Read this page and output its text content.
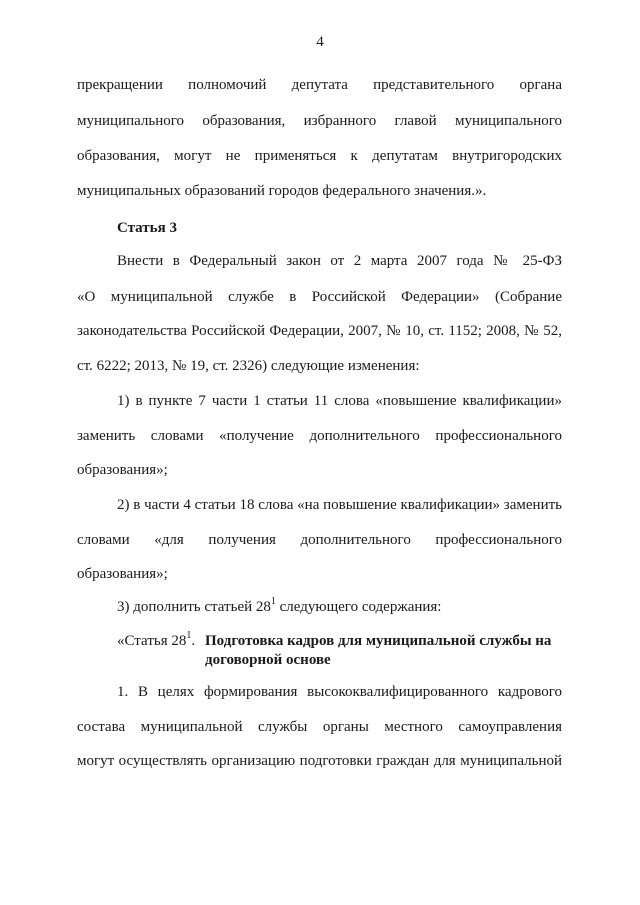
4
прекращении полномочий депутата представительного органа
муниципального образования, избранного главой муниципального
образования, могут не применяться к депутатам внутригородских
муниципальных образований городов федерального значения.».
Статья 3
Внести в Федеральный закон от 2 марта 2007 года № 25-ФЗ
«О муниципальной службе в Российской Федерации» (Собрание
законодательства Российской Федерации, 2007, № 10, ст. 1152; 2008, № 52,
ст. 6222; 2013, № 19, ст. 2326) следующие изменения:
1) в пункте 7 части 1 статьи 11 слова «повышение квалификации»
заменить словами «получение дополнительного профессионального
образования»;
2) в части 4 статьи 18 слова «на повышение квалификации» заменить
словами «для получения дополнительного профессионального
образования»;
3) дополнить статьей $28^1$ следующего содержания:
«Статья $28^1$. Подготовка кадров для муниципальной службы на
договорной основе
1. В целях формирования высококвалифицированного кадрового
состава муниципальной службы органы местного самоуправления
могут осуществлять организацию подготовки граждан для муниципальной
